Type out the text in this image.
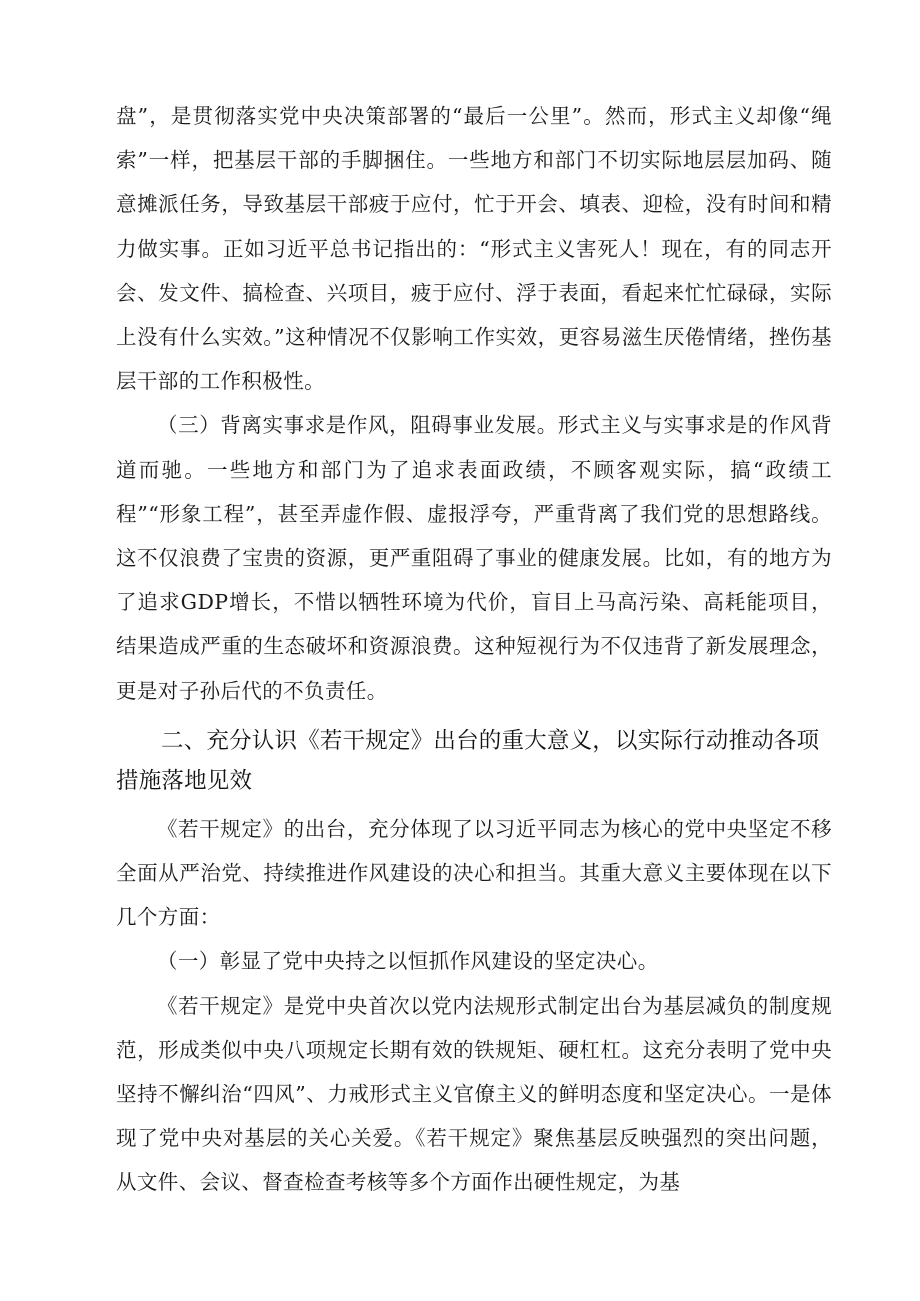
盘”，是贯彻落实党中央决策部署的“最后一公里”。然而，形式主义却像“绳索”一样，把基层干部的手脚捆住。一些地方和部门不切实际地层层加码、随意摊派任务，导致基层干部疲于应付，忙于开会、填表、迎检，没有时间和精力做实事。正如习近平总书记指出的：“形式主义害死人！现在，有的同志开会、发文件、搞检查、兴项目，疲于应付、浮于表面，看起来忙忙碌碌，实际上没有什么实效。”这种情况不仅影响工作实效，更容易滋生厌倦情绪，挫伤基层干部的工作积极性。

（三）背离实事求是作风，阻碍事业发展。形式主义与实事求是的作风背道而驰。一些地方和部门为了追求表面政绩，不顾客观实际，搞“政绩工程”“形象工程”，甚至弄虚作假、虚报浮夸，严重背离了我们党的思想路线。这不仅浪费了宝贵的资源，更严重阻碍了事业的健康发展。比如，有的地方为了追求GDP增长，不惜以牺牲环境为代价，盲目上马高污染、高耗能项目，结果造成严重的生态破坏和资源浪费。这种短视行为不仅违背了新发展理念，更是对子孙后代的不负责任。

二、充分认识《若干规定》出台的重大意义，以实际行动推动各项措施落地见效

《若干规定》的出台，充分体现了以习近平同志为核心的党中央坚定不移全面从严治党、持续推进作风建设的决心和担当。其重大意义主要体现在以下几个方面：

（一）彰显了党中央持之以恒抓作风建设的坚定决心。

《若干规定》是党中央首次以党内法规形式制定出台为基层减负的制度规范，形成类似中央八项规定长期有效的铁规矩、硬杠杠。这充分表明了党中央坚持不懈纠治“四风”、力戒形式主义官僚主义的鲜明态度和坚定决心。一是体现了党中央对基层的关心关爱。《若干规定》聚焦基层反映强烈的突出问题，从文件、会议、督查检查考核等多个方面作出硬性规定，为基
